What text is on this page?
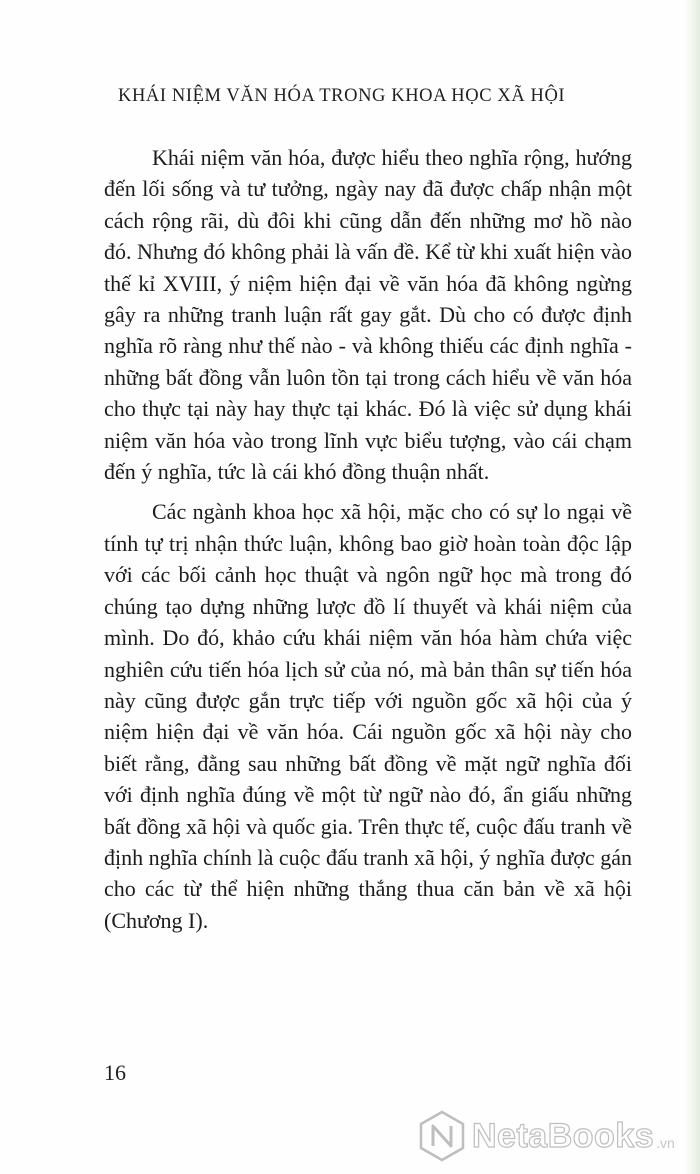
KHÁI NIỆM VĂN HÓA TRONG KHOA HỌC XÃ HỘI

Khái niệm văn hóa, được hiểu theo nghĩa rộng, hướng đến lối sống và tư tưởng, ngày nay đã được chấp nhận một cách rộng rãi, dù đôi khi cũng dẫn đến những mơ hồ nào đó. Nhưng đó không phải là vấn đề. Kể từ khi xuất hiện vào thế kỉ XVIII, ý niệm hiện đại về văn hóa đã không ngừng gây ra những tranh luận rất gay gắt. Dù cho có được định nghĩa rõ ràng như thế nào - và không thiếu các định nghĩa - những bất đồng vẫn luôn tồn tại trong cách hiểu về văn hóa cho thực tại này hay thực tại khác. Đó là việc sử dụng khái niệm văn hóa vào trong lĩnh vực biểu tượng, vào cái chạm đến ý nghĩa, tức là cái khó đồng thuận nhất.

Các ngành khoa học xã hội, mặc cho có sự lo ngại về tính tự trị nhận thức luận, không bao giờ hoàn toàn độc lập với các bối cảnh học thuật và ngôn ngữ học mà trong đó chúng tạo dựng những lược đồ lí thuyết và khái niệm của mình. Do đó, khảo cứu khái niệm văn hóa hàm chứa việc nghiên cứu tiến hóa lịch sử của nó, mà bản thân sự tiến hóa này cũng được gắn trực tiếp với nguồn gốc xã hội của ý niệm hiện đại về văn hóa. Cái nguồn gốc xã hội này cho biết rằng, đằng sau những bất đồng về mặt ngữ nghĩa đối với định nghĩa đúng về một từ ngữ nào đó, ẩn giấu những bất đồng xã hội và quốc gia. Trên thực tế, cuộc đấu tranh về định nghĩa chính là cuộc đấu tranh xã hội, ý nghĩa được gán cho các từ thể hiện những thắng thua căn bản về xã hội (Chương I).

16
NetaBooks .vn
